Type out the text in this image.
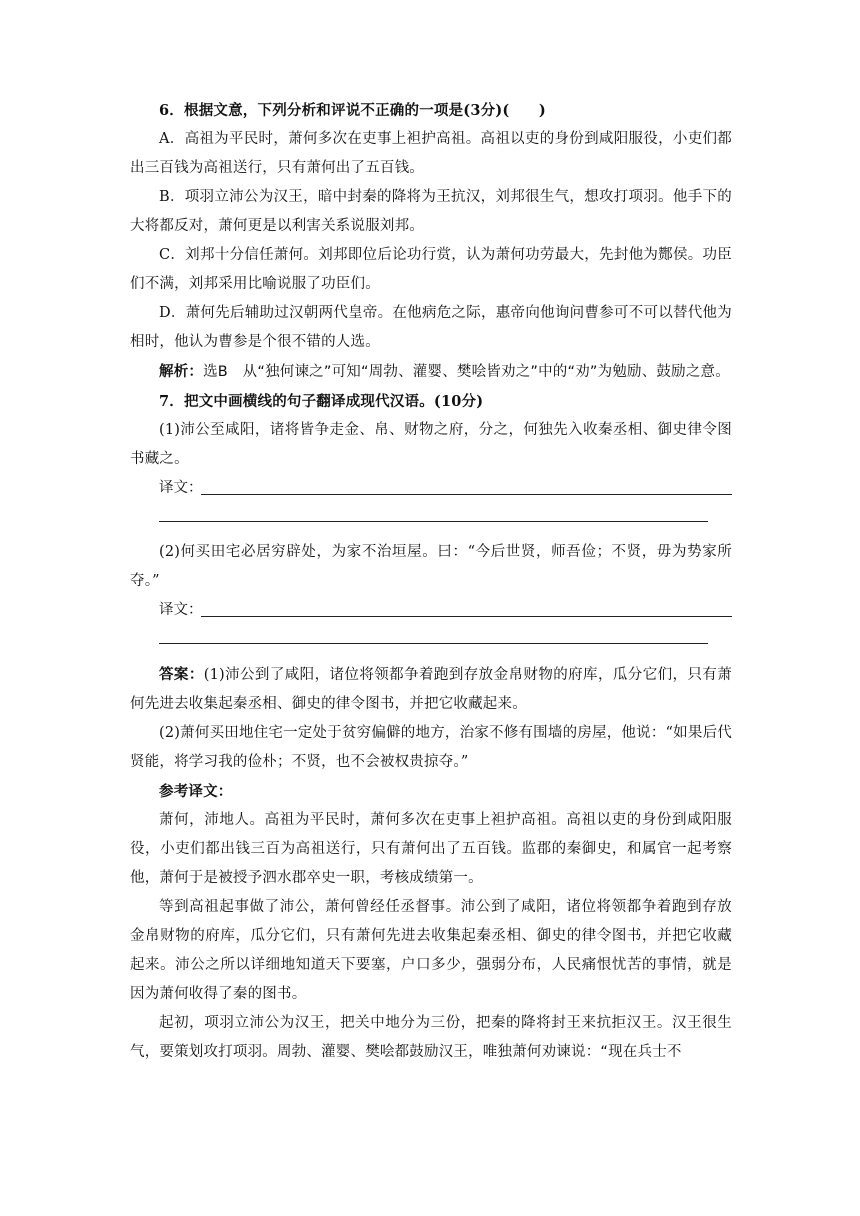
6．根据文意，下列分析和评说不正确的一项是(3分)(　　)

A．高祖为平民时，萧何多次在吏事上袒护高祖。高祖以吏的身份到咸阳服役，小吏们都出三百钱为高祖送行，只有萧何出了五百钱。

B．项羽立沛公为汉王，暗中封秦的降将为王抗汉，刘邦很生气，想攻打项羽。他手下的大将都反对，萧何更是以利害关系说服刘邦。

C．刘邦十分信任萧何。刘邦即位后论功行赏，认为萧何功劳最大，先封他为酂侯。功臣们不满，刘邦采用比喻说服了功臣们。

D．萧何先后辅助过汉朝两代皇帝。在他病危之际，惠帝向他询问曹参可不可以替代他为相时，他认为曹参是个很不错的人选。

解析：选B　从“独何谏之”可知“周勃、灌婴、樊哙皆劝之”中的“劝”为勉励、鼓励之意。

7．把文中画横线的句子翻译成现代汉语。(10分)

(1)沛公至咸阳，诸将皆争走金、帛、财物之府，分之，何独先入收秦丞相、御史律令图书藏之。

译文：

(2)何买田宅必居穷辟处，为家不治垣屋。曰：“今后世贤，师吾俭；不贤，毋为势家所夺。”

译文：

答案：(1)沛公到了咸阳，诸位将领都争着跑到存放金帛财物的府库，瓜分它们，只有萧何先进去收集起秦丞相、御史的律令图书，并把它收藏起来。

(2)萧何买田地住宅一定处于贫穷偏僻的地方，治家不修有围墙的房屋，他说：“如果后代贤能，将学习我的俭朴；不贤，也不会被权贵掠夺。”

参考译文：

萧何，沛地人。高祖为平民时，萧何多次在吏事上袒护高祖。高祖以吏的身份到咸阳服役，小吏们都出钱三百为高祖送行，只有萧何出了五百钱。监郡的秦御史，和属官一起考察他，萧何于是被授予泗水郡卒史一职，考核成绩第一。

等到高祖起事做了沛公，萧何曾经任丞督事。沛公到了咸阳，诸位将领都争着跑到存放金帛财物的府库，瓜分它们，只有萧何先进去收集起秦丞相、御史的律令图书，并把它收藏起来。沛公之所以详细地知道天下要塞，户口多少，强弱分布，人民痛恨忧苦的事情，就是因为萧何收得了秦的图书。

起初，项羽立沛公为汉王，把关中地分为三份，把秦的降将封王来抗拒汉王。汉王很生气，要策划攻打项羽。周勃、灌婴、樊哙都鼓励汉王，唯独萧何劝谏说：“现在兵士不
